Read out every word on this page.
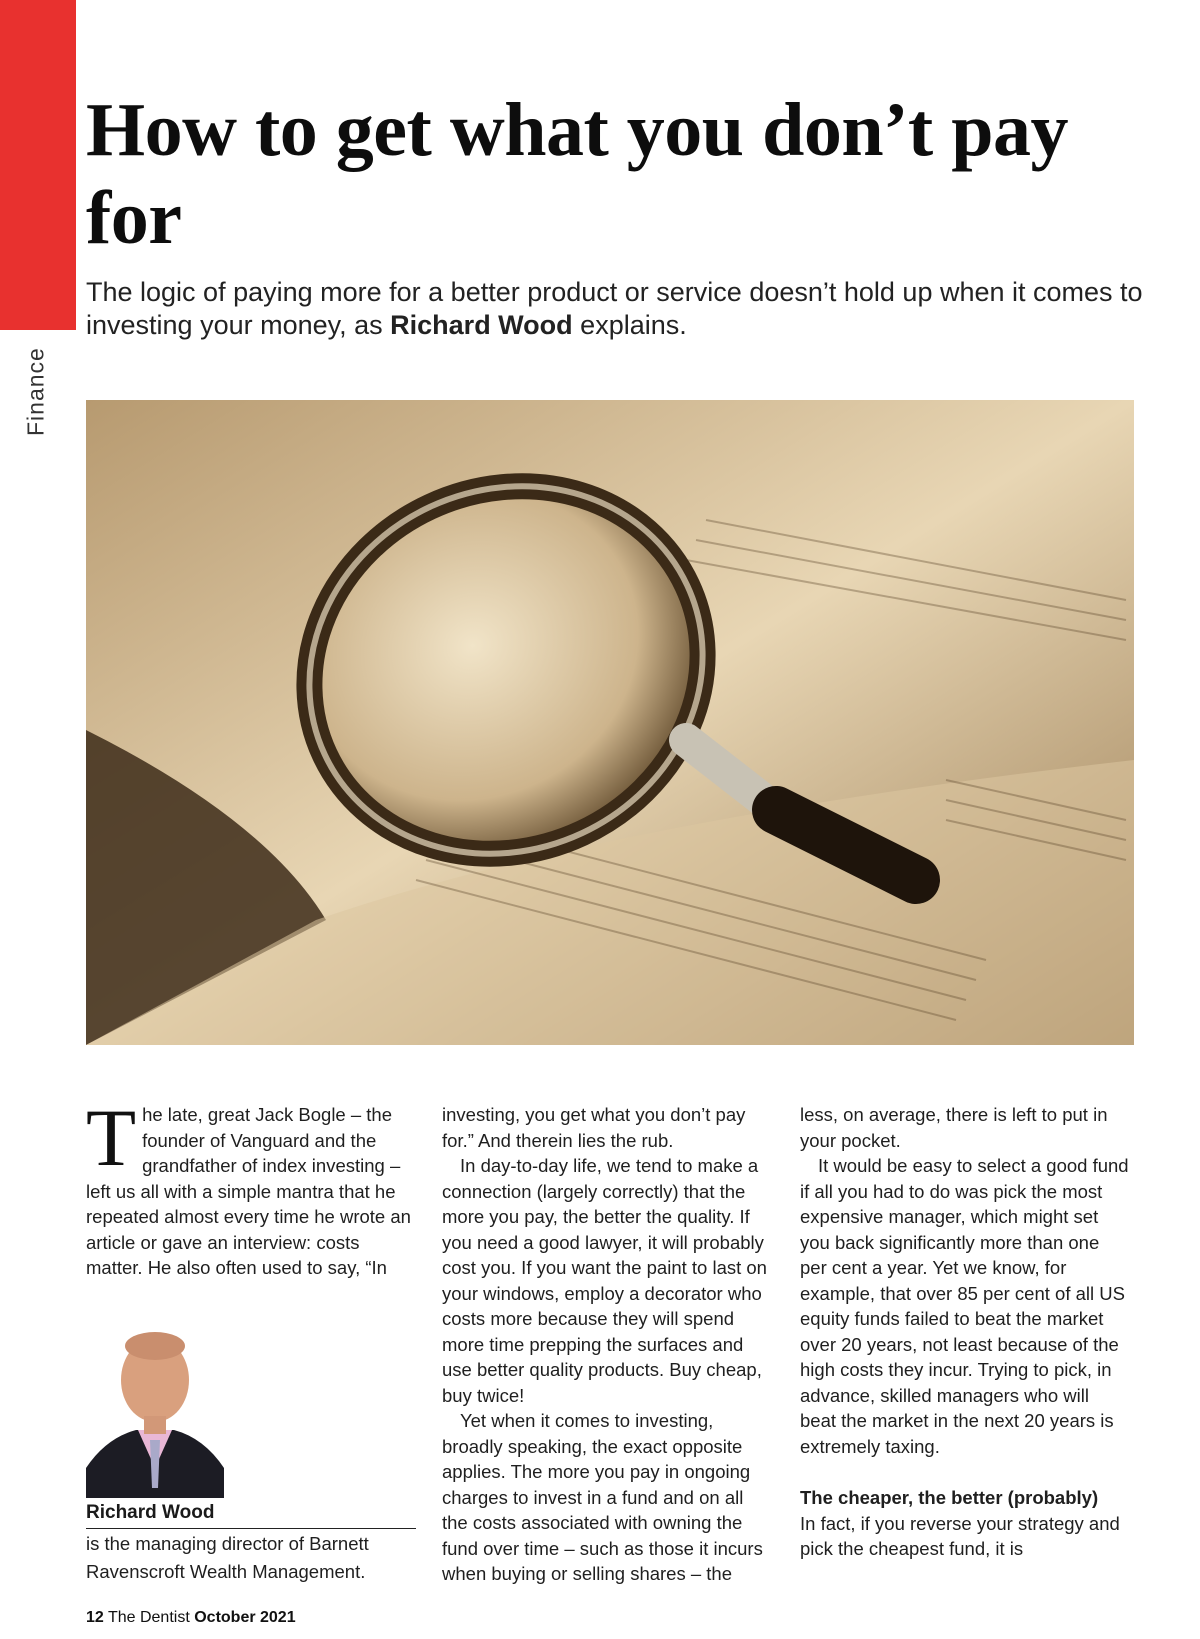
Finance
How to get what you don’t pay for

The logic of paying more for a better product or service doesn’t hold up when it comes to investing your money, as Richard Wood explains.

The late, great Jack Bogle – the founder of Vanguard and the grandfather of index investing – left us all with a simple mantra that he repeated almost every time he wrote an article or gave an interview: costs matter. He also often used to say, “In

investing, you get what you don’t pay for.” And therein lies the rub.

In day-to-day life, we tend to make a connection (largely correctly) that the more you pay, the better the quality. If you need a good lawyer, it will probably cost you. If you want the paint to last on your windows, employ a decorator who costs more because they will spend more time prepping the surfaces and use better quality products. Buy cheap, buy twice!

Yet when it comes to investing, broadly speaking, the exact opposite applies. The more you pay in ongoing charges to invest in a fund and on all the costs associated with owning the fund over time – such as those it incurs when buying or selling shares – the

less, on average, there is left to put in your pocket.

It would be easy to select a good fund if all you had to do was pick the most expensive manager, which might set you back significantly more than one per cent a year. Yet we know, for example, that over 85 per cent of all US equity funds failed to beat the market over 20 years, not least because of the high costs they incur. Trying to pick, in advance, skilled managers who will beat the market in the next 20 years is extremely taxing.

The cheaper, the better (probably)

In fact, if you reverse your strategy and pick the cheapest fund, it is

Richard Wood

is the managing director of Barnett Ravenscroft Wealth Management.

12 The Dentist October 2021
